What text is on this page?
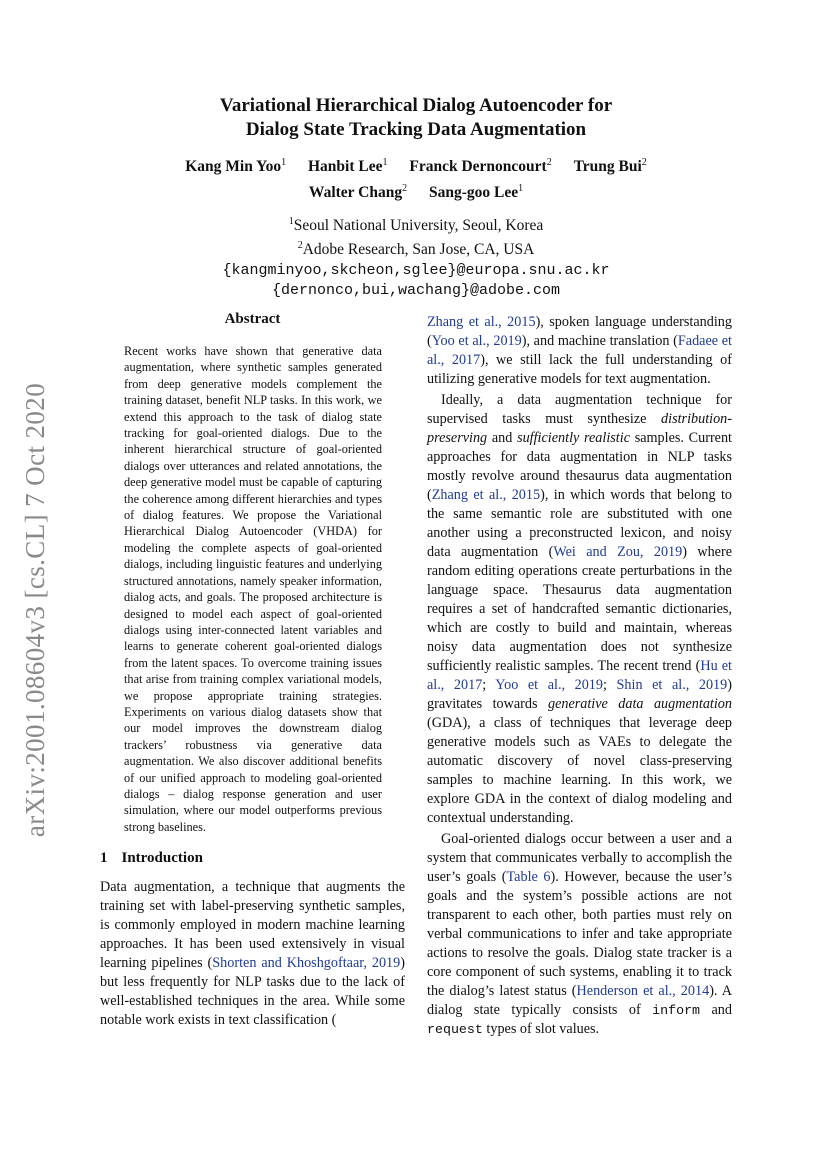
arXiv:2001.08604v3 [cs.CL] 7 Oct 2020
Variational Hierarchical Dialog Autoencoder for
Dialog State Tracking Data Augmentation
Kang Min Yoo$^1$ Hanbit Lee$^1$ Franck Dernoncourt$^2$ Trung Bui$^2$
Walter Chang$^2$ Sang-goo Lee$^1$
$^1$Seoul National University, Seoul, Korea
$^2$Adobe Research, San Jose, CA, USA
{kangminyoo,skcheon,sglee}@europa.snu.ac.kr
{dernonco,bui,wachang}@adobe.com
Abstract

Recent works have shown that generative data augmentation, where synthetic samples generated from deep generative models complement the training dataset, benefit NLP tasks. In this work, we extend this approach to the task of dialog state tracking for goal-oriented dialogs. Due to the inherent hierarchical structure of goal-oriented dialogs over utterances and related annotations, the deep generative model must be capable of capturing the coherence among different hierarchies and types of dialog features. We propose the Variational Hierarchical Dialog Autoencoder (VHDA) for modeling the complete aspects of goal-oriented dialogs, including linguistic features and underlying structured annotations, namely speaker information, dialog acts, and goals. The proposed architecture is designed to model each aspect of goal-oriented dialogs using inter-connected latent variables and learns to generate coherent goal-oriented dialogs from the latent spaces. To overcome training issues that arise from training complex variational models, we propose appropriate training strategies. Experiments on various dialog datasets show that our model improves the downstream dialog trackers’ robustness via generative data augmentation. We also discover additional benefits of our unified approach to modeling goal-oriented dialogs – dialog response generation and user simulation, where our model outperforms previous strong baselines.

1 Introduction

Data augmentation, a technique that augments the training set with label-preserving synthetic samples, is commonly employed in modern machine learning approaches. It has been used extensively in visual learning pipelines (Shorten and Khoshgoftaar, 2019) but less frequently for NLP tasks due to the lack of well-established techniques in the area. While some notable work exists in text classification (

Zhang et al., 2015), spoken language understanding (Yoo et al., 2019), and machine translation (Fadaee et al., 2017), we still lack the full understanding of utilizing generative models for text augmentation.

Ideally, a data augmentation technique for supervised tasks must synthesize distribution-preserving and sufficiently realistic samples. Current approaches for data augmentation in NLP tasks mostly revolve around thesaurus data augmentation (Zhang et al., 2015), in which words that belong to the same semantic role are substituted with one another using a preconstructed lexicon, and noisy data augmentation (Wei and Zou, 2019) where random editing operations create perturbations in the language space. Thesaurus data augmentation requires a set of handcrafted semantic dictionaries, which are costly to build and maintain, whereas noisy data augmentation does not synthesize sufficiently realistic samples. The recent trend (Hu et al., 2017; Yoo et al., 2019; Shin et al., 2019) gravitates towards generative data augmentation (GDA), a class of techniques that leverage deep generative models such as VAEs to delegate the automatic discovery of novel class-preserving samples to machine learning. In this work, we explore GDA in the context of dialog modeling and contextual understanding.

Goal-oriented dialogs occur between a user and a system that communicates verbally to accomplish the user’s goals (Table 6). However, because the user’s goals and the system’s possible actions are not transparent to each other, both parties must rely on verbal communications to infer and take appropriate actions to resolve the goals. Dialog state tracker is a core component of such systems, enabling it to track the dialog’s latest status (Henderson et al., 2014). A dialog state typically consists of inform and request types of slot values.
